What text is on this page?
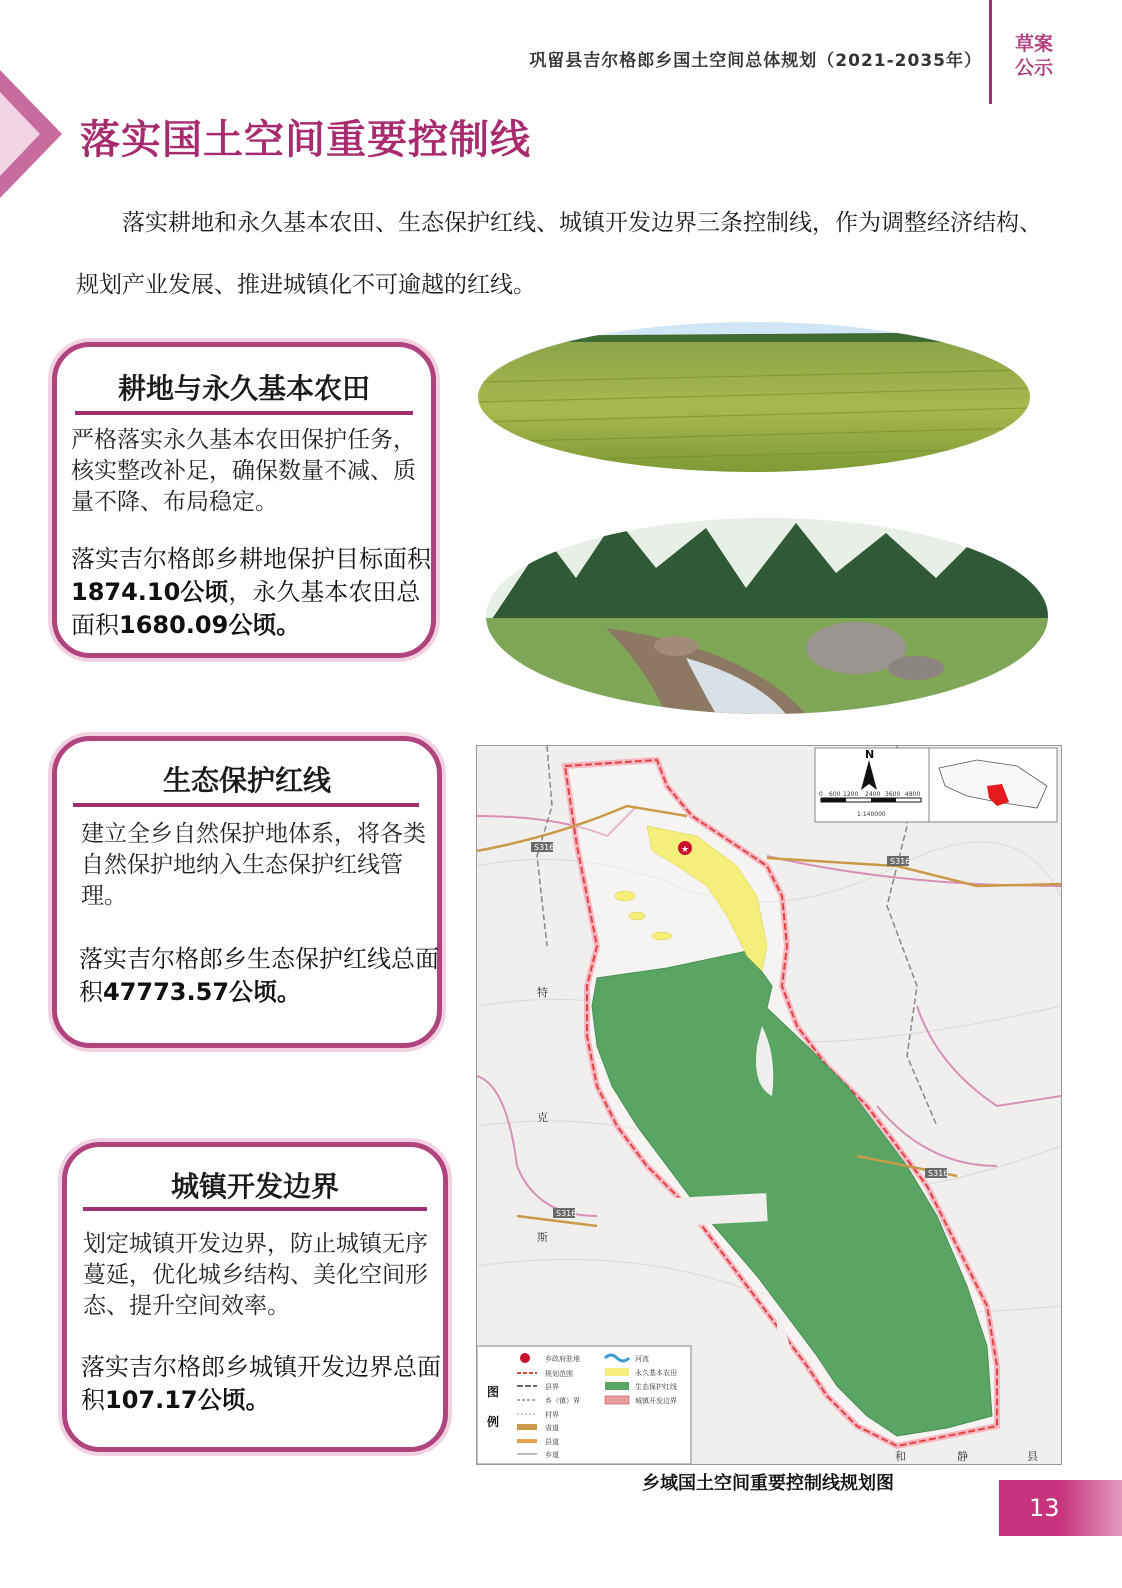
巩留县吉尔格郎乡国土空间总体规划（2021-2035年）
草案
公示
落实国土空间重要控制线

落实耕地和永久基本农田、生态保护红线、城镇开发边界三条控制线，作为调整经济结构、规划产业发展、推进城镇化不可逾越的红线。

耕地与永久基本农田
严格落实永久基本农田保护任务，核实整改补足，确保数量不减、质量不降、布局稳定。
落实吉尔格郎乡耕地保护目标面积1874.10公顷，永久基本农田总面积1680.09公顷。
生态保护红线
建立全乡自然保护地体系，将各类自然保护地纳入生态保护红线管理。
落实吉尔格郎乡生态保护红线总面积47773.57公顷。
城镇开发边界
划定城镇开发边界，防止城镇无序蔓延，优化城乡结构、美化空间形态、提升空间效率。
落实吉尔格郎乡城镇开发边界总面积107.17公顷。
S316
S316
S316
S316
★
特
克
斯
和	静	县
N
0 600 1200 2400 3600 4800
1:140000
图
例
乡政府驻地
规划范围
县界
乡（镇）界
村界
省道
县道
乡道
河流
永久基本农田
生态保护红线
城镇开发边界
乡域国土空间重要控制线规划图
13
